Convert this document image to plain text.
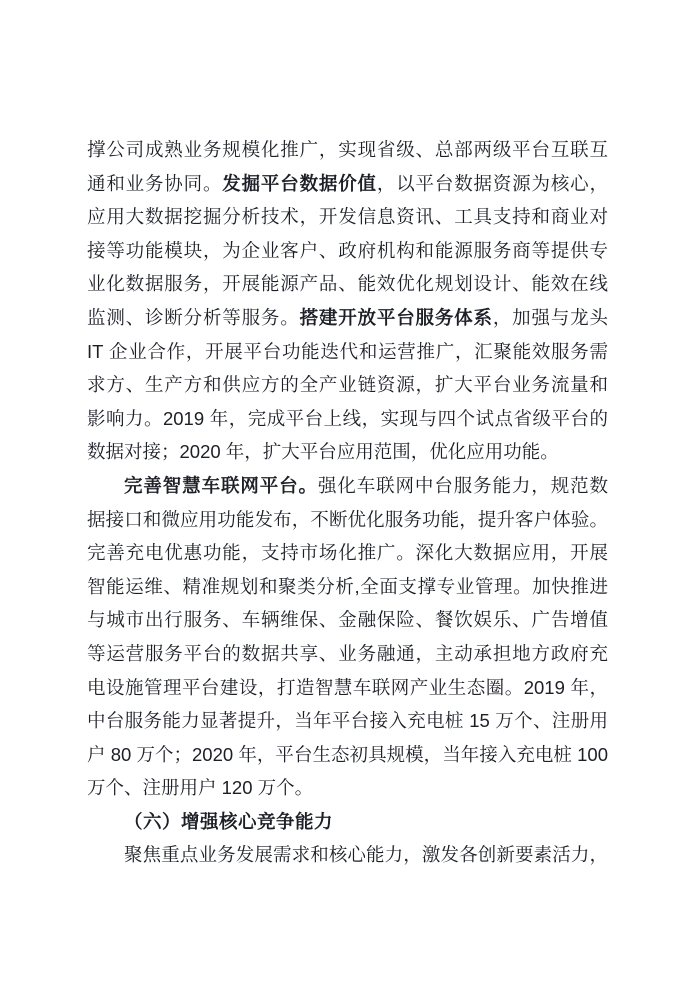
撑公司成熟业务规模化推广，实现省级、总部两级平台互联互
通和业务协同。发掘平台数据价值，以平台数据资源为核心，
应用大数据挖掘分析技术，开发信息资讯、工具支持和商业对
接等功能模块，为企业客户、政府机构和能源服务商等提供专
业化数据服务，开展能源产品、能效优化规划设计、能效在线
监测、诊断分析等服务。搭建开放平台服务体系，加强与龙头
IT 企业合作，开展平台功能迭代和运营推广，汇聚能效服务需
求方、生产方和供应方的全产业链资源，扩大平台业务流量和
影响力。2019 年，完成平台上线，实现与四个试点省级平台的
数据对接；2020 年，扩大平台应用范围，优化应用功能。
完善智慧车联网平台。强化车联网中台服务能力，规范数
据接口和微应用功能发布，不断优化服务功能，提升客户体验。
完善充电优惠功能，支持市场化推广。深化大数据应用，开展
智能运维、精准规划和聚类分析,全面支撑专业管理。加快推进
与城市出行服务、车辆维保、金融保险、餐饮娱乐、广告增值
等运营服务平台的数据共享、业务融通，主动承担地方政府充
电设施管理平台建设，打造智慧车联网产业生态圈。2019 年，
中台服务能力显著提升，当年平台接入充电桩 15 万个、注册用
户 80 万个；2020 年，平台生态初具规模，当年接入充电桩 100
万个、注册用户 120 万个。
（六）增强核心竞争能力
聚焦重点业务发展需求和核心能力，激发各创新要素活力，
